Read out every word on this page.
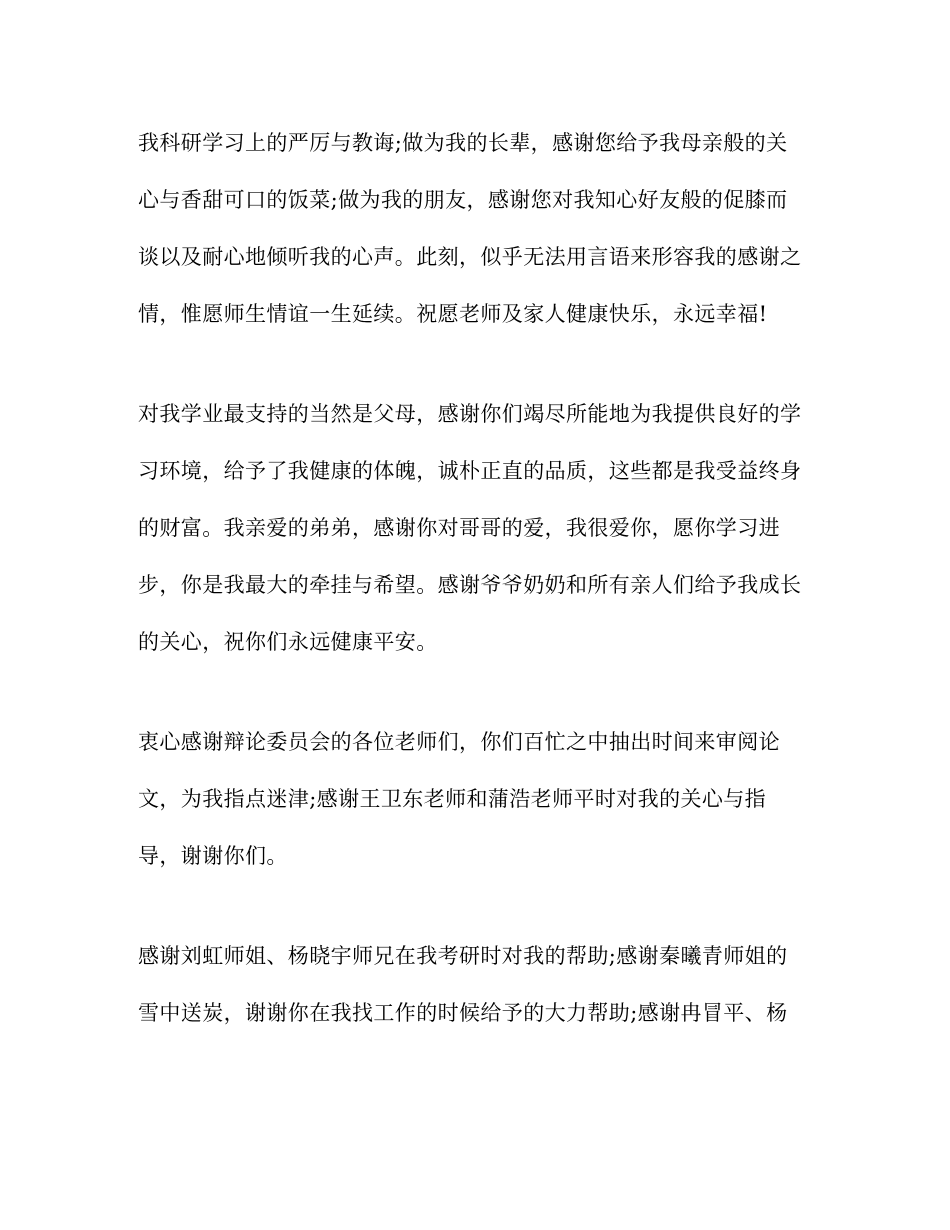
我科研学习上的严厉与教诲;做为我的长辈，感谢您给予我母亲般的关
心与香甜可口的饭菜;做为我的朋友，感谢您对我知心好友般的促膝而
谈以及耐心地倾听我的心声。此刻，似乎无法用言语来形容我的感谢之
情，惟愿师生情谊一生延续。祝愿老师及家人健康快乐，永远幸福!
对我学业最支持的当然是父母，感谢你们竭尽所能地为我提供良好的学
习环境，给予了我健康的体魄，诚朴正直的品质，这些都是我受益终身
的财富。我亲爱的弟弟，感谢你对哥哥的爱，我很爱你，愿你学习进
步，你是我最大的牵挂与希望。感谢爷爷奶奶和所有亲人们给予我成长
的关心，祝你们永远健康平安。
衷心感谢辩论委员会的各位老师们，你们百忙之中抽出时间来审阅论
文，为我指点迷津;感谢王卫东老师和蒲浩老师平时对我的关心与指
导，谢谢你们。
感谢刘虹师姐、杨晓宇师兄在我考研时对我的帮助;感谢秦曦青师姐的
雪中送炭，谢谢你在我找工作的时候给予的大力帮助;感谢冉冒平、杨
